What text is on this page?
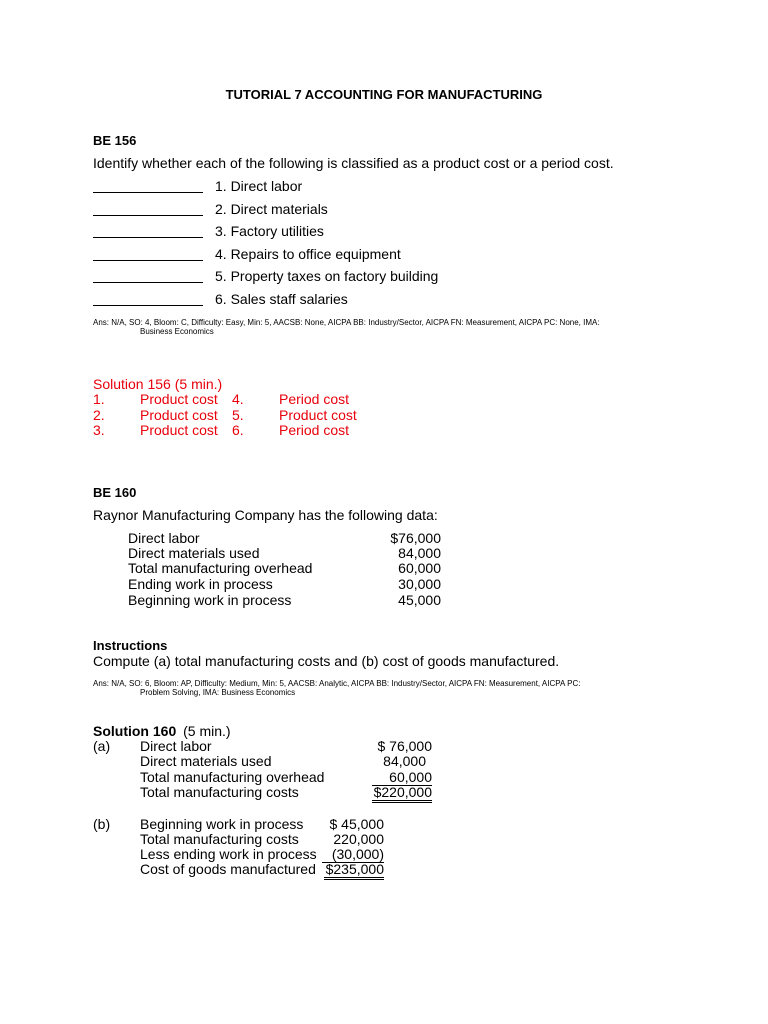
TUTORIAL 7 ACCOUNTING FOR MANUFACTURING
BE 156
Identify whether each of the following is classified as a product cost or a period cost.
1. Direct labor
2. Direct materials
3. Factory utilities
4. Repairs to office equipment
5. Property taxes on factory building
6. Sales staff salaries
Ans: N/A, SO: 4, Bloom: C, Difficulty: Easy, Min: 5, AACSB: None, AICPA BB: Industry/Sector, AICPA FN: Measurement, AICPA PC: None, IMA:
Business Economics
Solution 156 (5 min.)
1.	Product cost 4.	Period cost
2.	Product cost 5.	Product cost
3.	Product cost 6.	Period cost
BE 160
Raynor Manufacturing Company has the following data:
Direct labor	$76,000
Direct materials used	84,000
Total manufacturing overhead	60,000
Ending work in process	30,000
Beginning work in process	45,000
Instructions
Compute (a) total manufacturing costs and (b) cost of goods manufactured.
Ans: N/A, SO: 6, Bloom: AP, Difficulty: Medium, Min: 5, AACSB: Analytic, AICPA BB: Industry/Sector, AICPA FN: Measurement, AICPA PC:
Problem Solving, IMA: Business Economics
Solution 160 (5 min.)
(a) Direct labor	$ 76,000
Direct materials used	84,000
Total manufacturing overhead	60,000
Total manufacturing costs	$220,000
(b) Beginning work in process	$ 45,000
Total manufacturing costs	220,000
Less ending work in process	(30,000)
Cost of goods manufactured $235,000
